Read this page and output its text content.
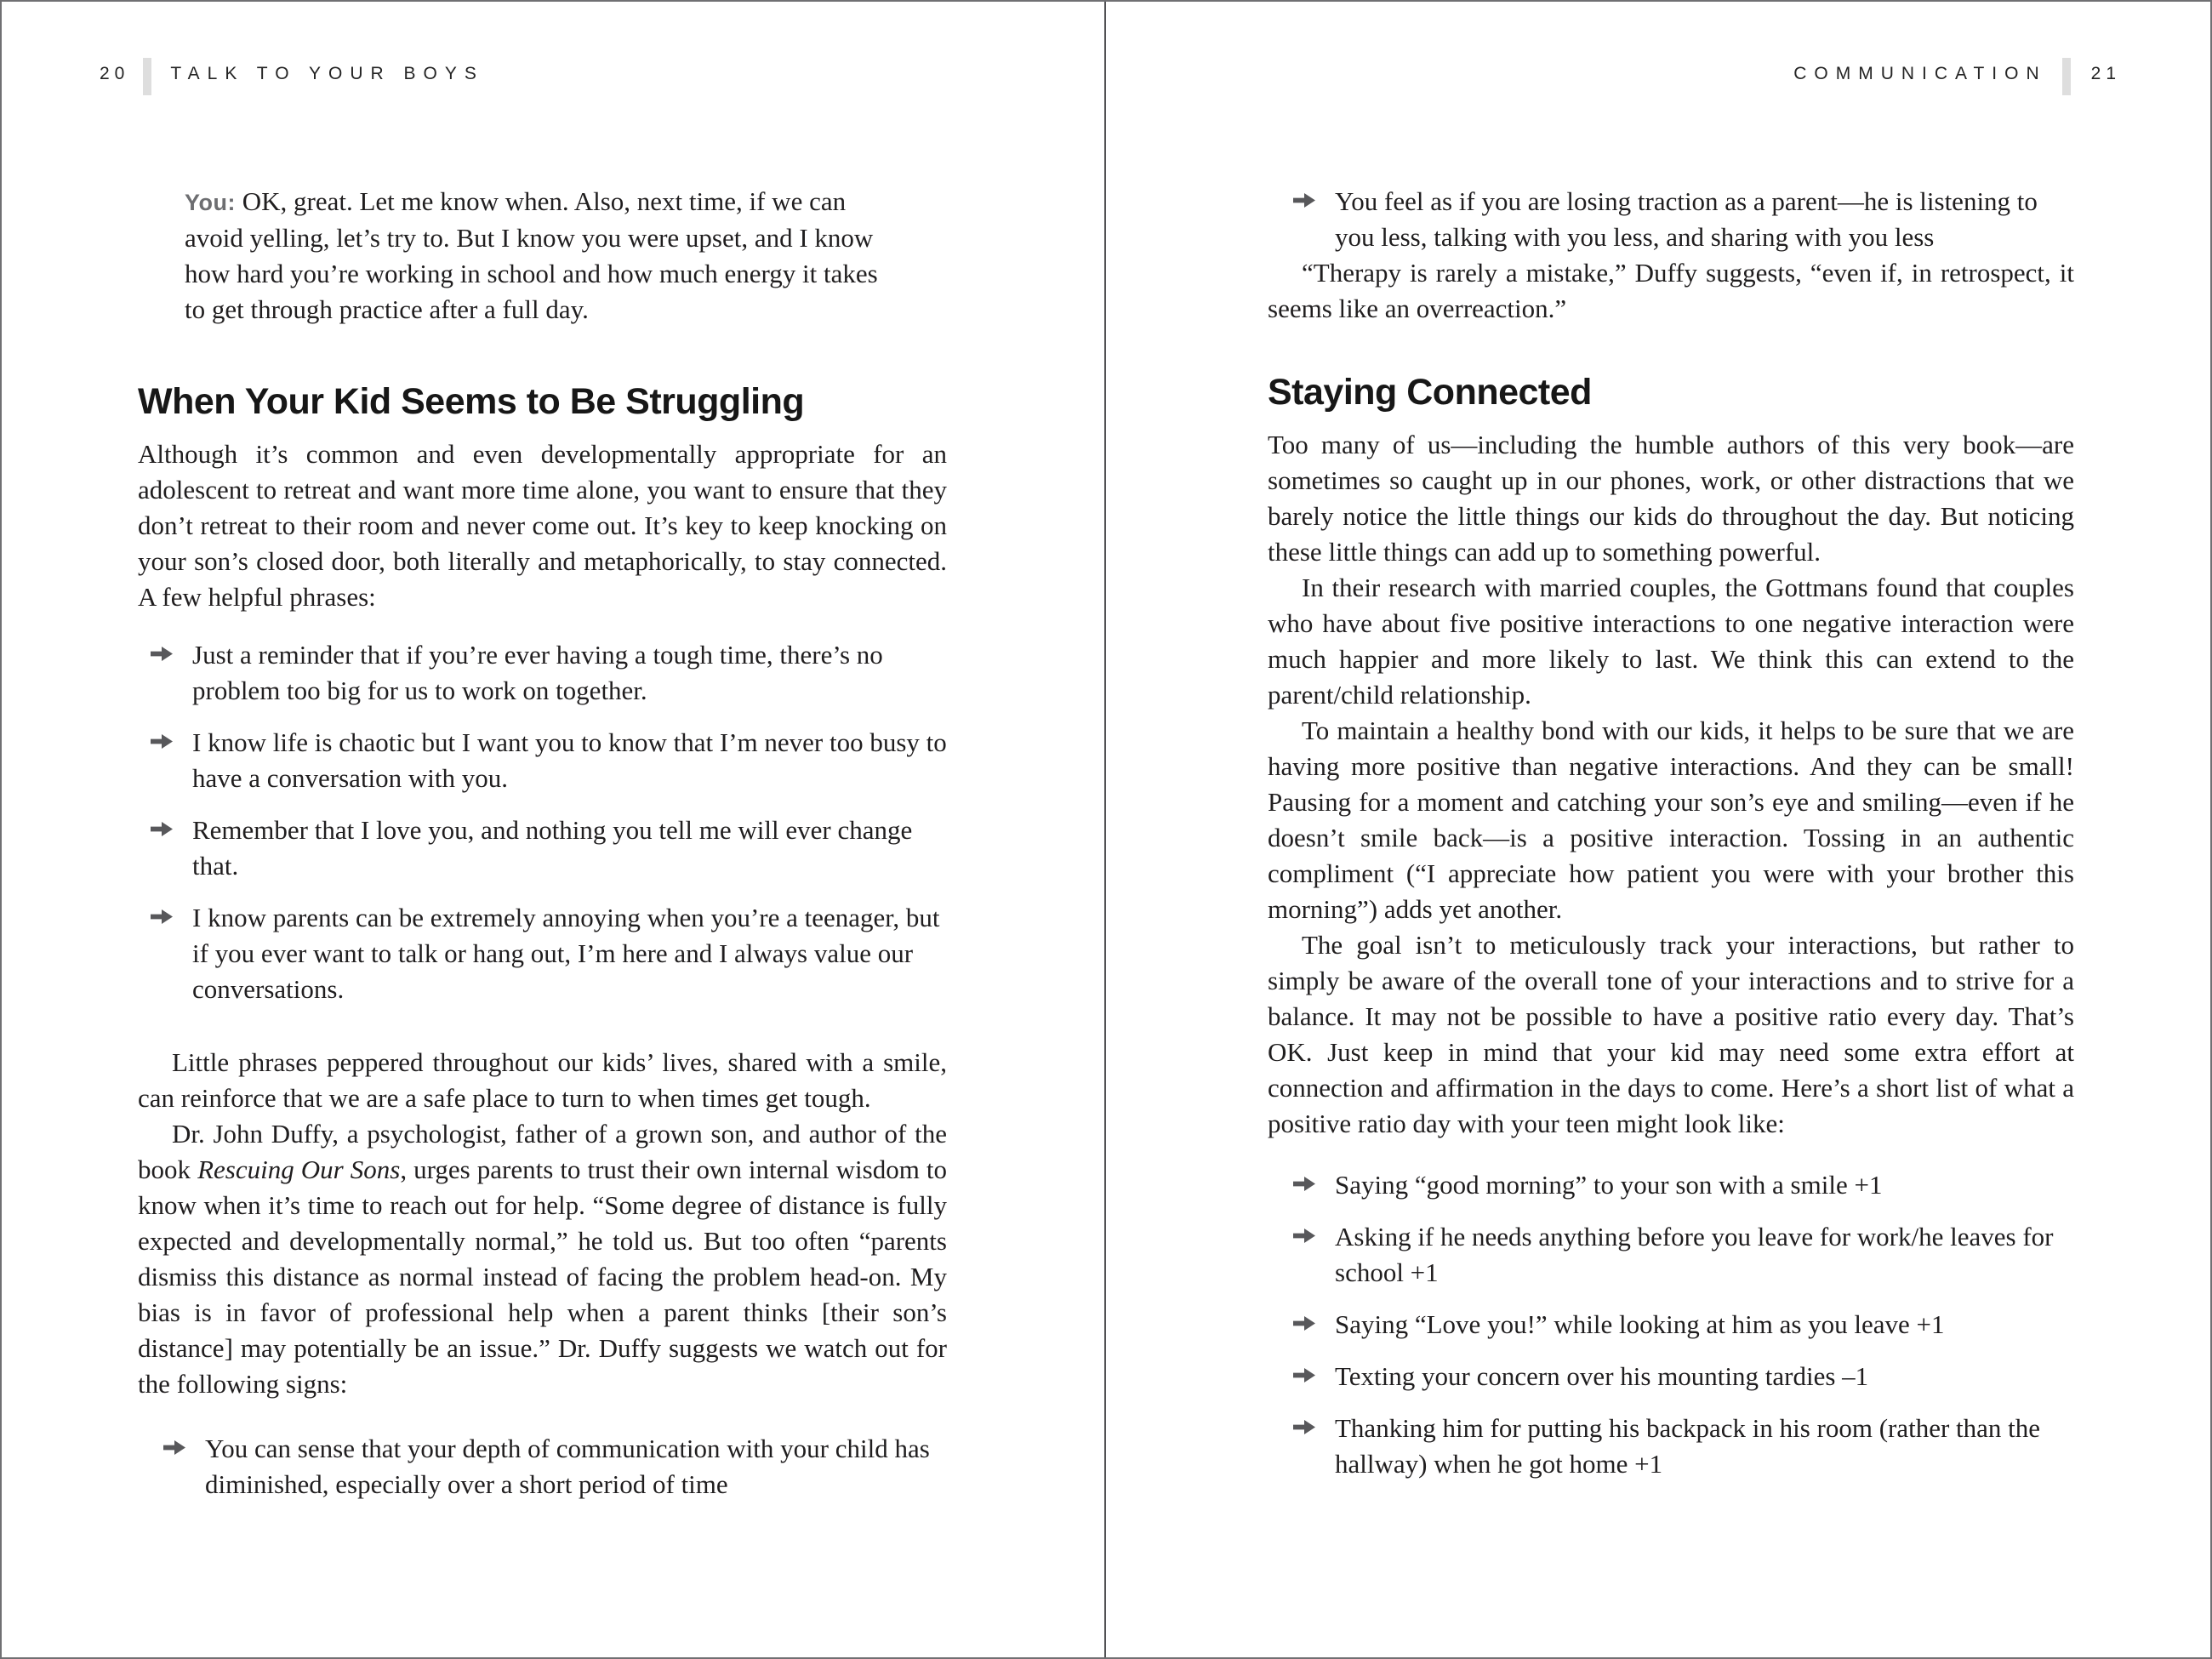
20 TALK TO YOUR BOYS

You: OK, great. Let me know when. Also, next time, if we can avoid yelling, let’s try to. But I know you were upset, and I know how hard you’re working in school and how much energy it takes to get through practice after a full day.

When Your Kid Seems to Be Struggling

Although it’s common and even developmentally appropriate for an adolescent to retreat and want more time alone, you want to ensure that they don’t retreat to their room and never come out. It’s key to keep knocking on your son’s closed door, both literally and metaphorically, to stay connected. A few helpful phrases:

Just a reminder that if you’re ever having a tough time, there’s no problem too big for us to work on together.
I know life is chaotic but I want you to know that I’m never too busy to have a conversation with you.
Remember that I love you, and nothing you tell me will ever change that.
I know parents can be extremely annoying when you’re a teenager, but if you ever want to talk or hang out, I’m here and I always value our conversations.

Little phrases peppered throughout our kids’ lives, shared with a smile, can reinforce that we are a safe place to turn to when times get tough.

Dr. John Duffy, a psychologist, father of a grown son, and author of the book Rescuing Our Sons, urges parents to trust their own internal wisdom to know when it’s time to reach out for help. “Some degree of distance is fully expected and developmentally normal,” he told us. But too often “parents dismiss this distance as normal instead of facing the problem head-on. My bias is in favor of professional help when a parent thinks [their son’s distance] may potentially be an issue.” Dr. Duffy suggests we watch out for the following signs:

You can sense that your depth of communication with your child has diminished, especially over a short period of time
COMMUNICATION 21
You feel as if you are losing traction as a parent—he is listening to you less, talking with you less, and sharing with you less

“Therapy is rarely a mistake,” Duffy suggests, “even if, in retrospect, it seems like an overreaction.”

Staying Connected

Too many of us—including the humble authors of this very book—are sometimes so caught up in our phones, work, or other distractions that we barely notice the little things our kids do throughout the day. But noticing these little things can add up to something powerful.

In their research with married couples, the Gottmans found that couples who have about five positive interactions to one negative interaction were much happier and more likely to last. We think this can extend to the parent/child relationship.

To maintain a healthy bond with our kids, it helps to be sure that we are having more positive than negative interactions. And they can be small! Pausing for a moment and catching your son’s eye and smiling—even if he doesn’t smile back—is a positive interaction. Tossing in an authentic compliment (“I appreciate how patient you were with your brother this morning”) adds yet another.

The goal isn’t to meticulously track your interactions, but rather to simply be aware of the overall tone of your interactions and to strive for a balance. It may not be possible to have a positive ratio every day. That’s OK. Just keep in mind that your kid may need some extra effort at connection and affirmation in the days to come. Here’s a short list of what a positive ratio day with your teen might look like:

Saying “good morning” to your son with a smile +1
Asking if he needs anything before you leave for work/he leaves for school +1
Saying “Love you!” while looking at him as you leave +1
Texting your concern over his mounting tardies –1
Thanking him for putting his backpack in his room (rather than the hallway) when he got home +1
